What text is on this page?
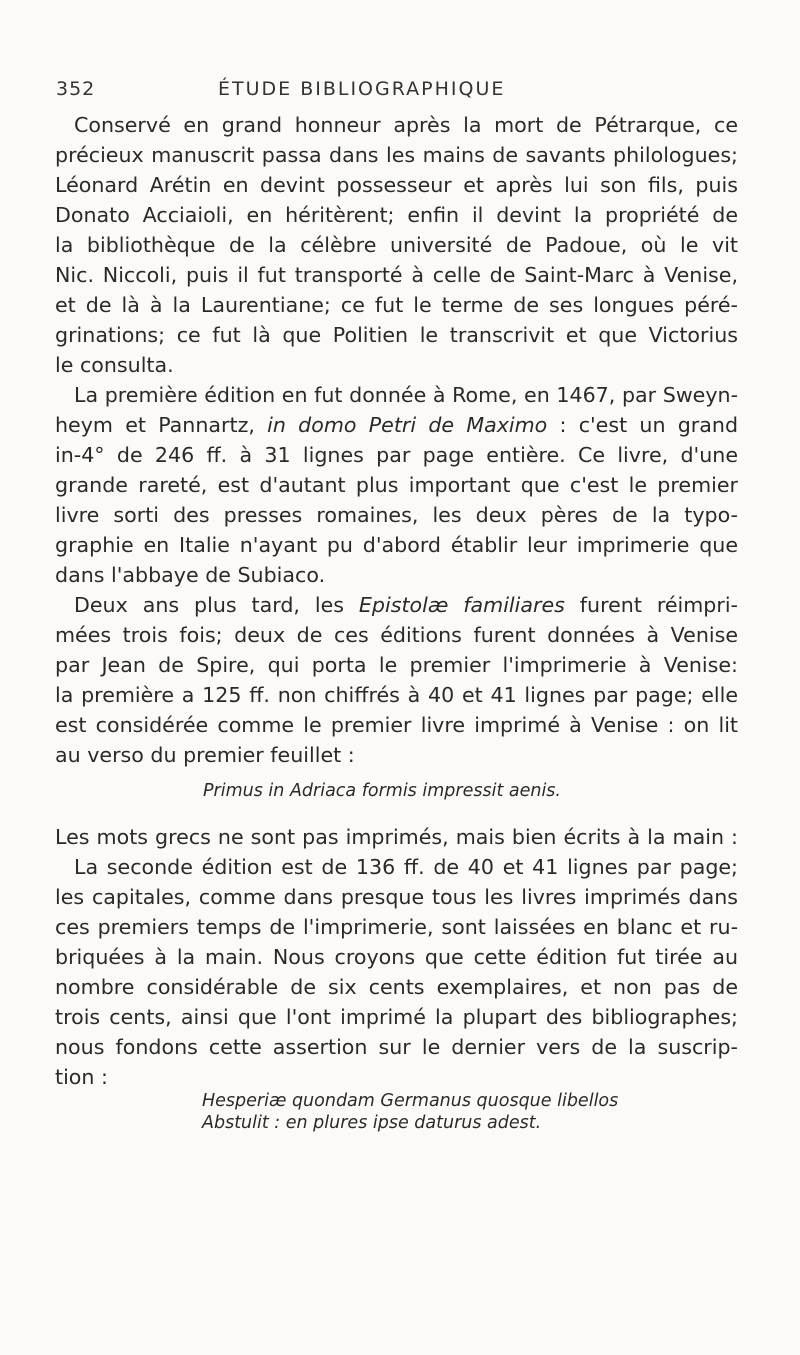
352	ÉTUDE BIBLIOGRAPHIQUE
Conservé en grand honneur après la mort de Pétrarque, ce
précieux manuscrit passa dans les mains de savants philologues;
Léonard Arétin en devint possesseur et après lui son fils, puis
Donato Acciaioli, en héritèrent; enfin il devint la propriété de
la bibliothèque de la célèbre université de Padoue, où le vit
Nic. Niccoli, puis il fut transporté à celle de Saint-Marc à Venise,
et de là à la Laurentiane; ce fut le terme de ses longues péré-
grinations; ce fut là que Politien le transcrivit et que Victorius
le consulta.
La première édition en fut donnée à Rome, en 1467, par Sweyn-
heym et Pannartz, in domo Petri de Maximo : c'est un grand
in-4° de 246 ff. à 31 lignes par page entière. Ce livre, d'une
grande rareté, est d'autant plus important que c'est le premier
livre sorti des presses romaines, les deux pères de la typo-
graphie en Italie n'ayant pu d'abord établir leur imprimerie que
dans l'abbaye de Subiaco.
Deux ans plus tard, les Epistolæ familiares furent réimpri-
mées trois fois; deux de ces éditions furent données à Venise
par Jean de Spire, qui porta le premier l'imprimerie à Venise:
la première a 125 ff. non chiffrés à 40 et 41 lignes par page; elle
est considérée comme le premier livre imprimé à Venise : on lit
au verso du premier feuillet :
Primus in Adriaca formis impressit aenis.
Les mots grecs ne sont pas imprimés, mais bien écrits à la main :
La seconde édition est de 136 ff. de 40 et 41 lignes par page;
les capitales, comme dans presque tous les livres imprimés dans
ces premiers temps de l'imprimerie, sont laissées en blanc et ru-
briquées à la main. Nous croyons que cette édition fut tirée au
nombre considérable de six cents exemplaires, et non pas de
trois cents, ainsi que l'ont imprimé la plupart des bibliographes;
nous fondons cette assertion sur le dernier vers de la suscrip-
tion :
Hesperiæ quondam Germanus quosque libellos
Abstulit : en plures ipse daturus adest.
